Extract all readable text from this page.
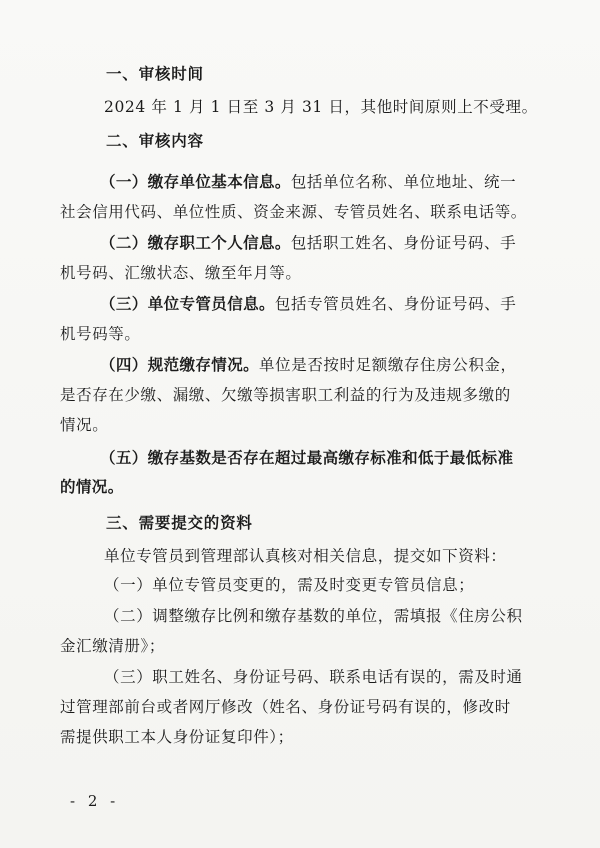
一、审核时间
2024 年 1 月 1 日至 3 月 31 日，其他时间原则上不受理。
二、审核内容
（一）缴存单位基本信息。包括单位名称、单位地址、统一
社会信用代码、单位性质、资金来源、专管员姓名、联系电话等。
（二）缴存职工个人信息。包括职工姓名、身份证号码、手
机号码、汇缴状态、缴至年月等。
（三）单位专管员信息。包括专管员姓名、身份证号码、手
机号码等。
（四）规范缴存情况。单位是否按时足额缴存住房公积金，
是否存在少缴、漏缴、欠缴等损害职工利益的行为及违规多缴的
情况。
（五）缴存基数是否存在超过最高缴存标准和低于最低标准
的情况。
三、需要提交的资料
单位专管员到管理部认真核对相关信息，提交如下资料：
（一）单位专管员变更的，需及时变更专管员信息；
（二）调整缴存比例和缴存基数的单位，需填报《住房公积
金汇缴清册》；
（三）职工姓名、身份证号码、联系电话有误的，需及时通
过管理部前台或者网厅修改（姓名、身份证号码有误的，修改时
需提供职工本人身份证复印件）；
- 2 -
